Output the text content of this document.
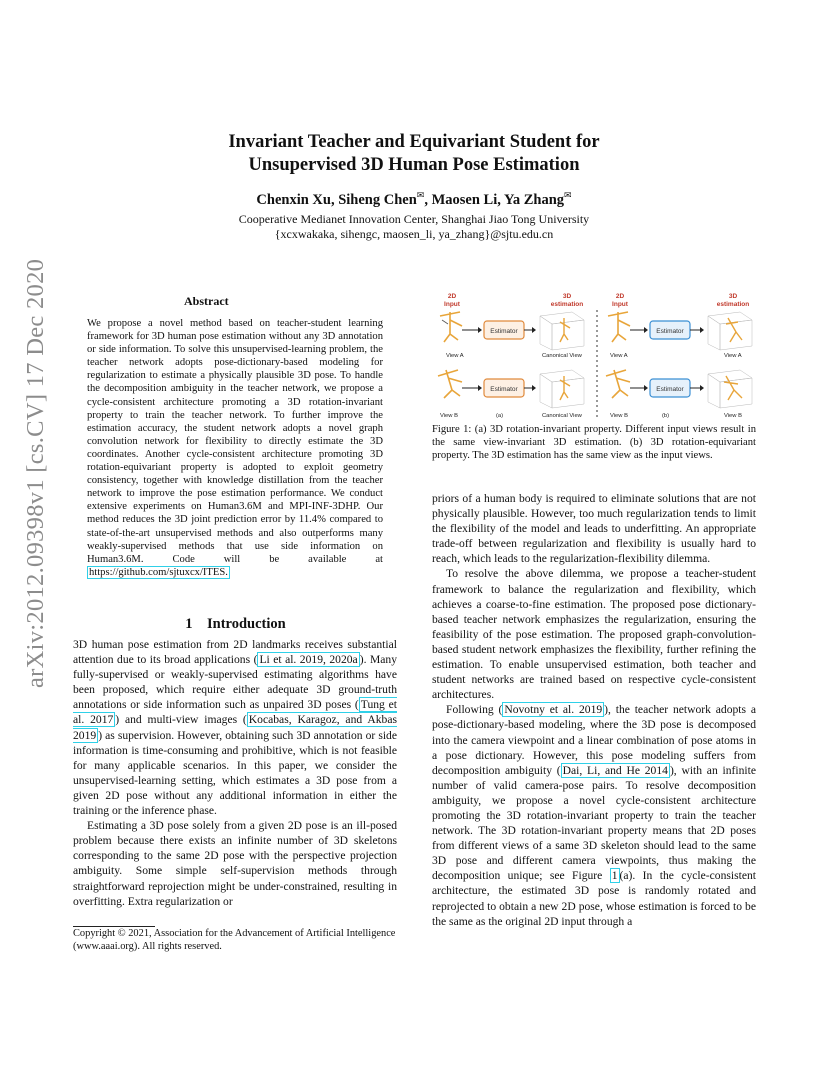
arXiv:2012.09398v1 [cs.CV] 17 Dec 2020
Invariant Teacher and Equivariant Student for
Unsupervised 3D Human Pose Estimation
Chenxin Xu, Siheng Chen✉, Maosen Li, Ya Zhang✉
Cooperative Medianet Innovation Center, Shanghai Jiao Tong University
{xcxwakaka, sihengc, maosen_li, ya_zhang}@sjtu.edu.cn
Abstract

We propose a novel method based on teacher-student learning framework for 3D human pose estimation without any 3D annotation or side information. To solve this unsupervised-learning problem, the teacher network adopts pose-dictionary-based modeling for regularization to estimate a physically plausible 3D pose. To handle the decomposition ambiguity in the teacher network, we propose a cycle-consistent architecture promoting a 3D rotation-invariant property to train the teacher network. To further improve the estimation accuracy, the student network adopts a novel graph convolution network for flexibility to directly estimate the 3D coordinates. Another cycle-consistent architecture promoting 3D rotation-equivariant property is adopted to exploit geometry consistency, together with knowledge distillation from the teacher network to improve the pose estimation performance. We conduct extensive experiments on Human3.6M and MPI-INF-3DHP. Our method reduces the 3D joint prediction error by 11.4% compared to state-of-the-art unsupervised methods and also outperforms many weakly-supervised methods that use side information on Human3.6M. Code will be available at https://github.com/sjtuxcx/ITES.

1    Introduction

3D human pose estimation from 2D landmarks receives substantial attention due to its broad applications ( Li et al. 2019, 2020a ). Many fully-supervised or weakly-supervised estimating algorithms have been proposed, which require either adequate 3D ground-truth annotations or side information such as unpaired 3D poses ( Tung et al. 2017 ) and multi-view images ( Kocabas, Karagoz, and Akbas 2019 ) as supervision. However, obtaining such 3D annotation or side information is time-consuming and prohibitive, which is not feasible for many applicable scenarios. In this paper, we consider the unsupervised-learning setting, which estimates a 3D pose from a given 2D pose without any additional information in either the training or the inference phase.

Estimating a 3D pose solely from a given 2D pose is an ill-posed problem because there exists an infinite number of 3D skeletons corresponding to the same 2D pose with the perspective projection ambiguity. Some simple self-supervision methods through straightforward reprojection might be under-constrained, resulting in overfitting. Extra regularization or

Copyright © 2021, Association for the Advancement of Artificial Intelligence (www.aaai.org). All rights reserved.
2D
Input
3D
estimation
2D
Input
3D
estimation
Estimator
View A	Canonical View
Estimator
View B	(a)	Canonical View
Estimator
View A	View A
Estimator
View B	(b)	View B
Figure 1: (a) 3D rotation-invariant property. Different input views result in the same view-invariant 3D estimation. (b) 3D rotation-equivariant property. The 3D estimation has the same view as the input views.

priors of a human body is required to eliminate solutions that are not physically plausible. However, too much regularization tends to limit the flexibility of the model and leads to underfitting. An appropriate trade-off between regularization and flexibility is usually hard to reach, which leads to the regularization-flexibility dilemma.

To resolve the above dilemma, we propose a teacher-student framework to balance the regularization and flexibility, which achieves a coarse-to-fine estimation. The proposed pose dictionary-based teacher network emphasizes the regularization, ensuring the feasibility of the pose estimation. The proposed graph-convolution-based student network emphasizes the flexibility, further refining the estimation. To enable unsupervised estimation, both teacher and student networks are trained based on respective cycle-consistent architectures.

Following ( Novotny et al. 2019 ), the teacher network adopts a pose-dictionary-based modeling, where the 3D pose is decomposed into the camera viewpoint and a linear combination of pose atoms in a pose dictionary. However, this pose modeling suffers from decomposition ambiguity ( Dai, Li, and He 2014 ), with an infinite number of valid camera-pose pairs. To resolve decomposition ambiguity, we propose a novel cycle-consistent architecture promoting the 3D rotation-invariant property to train the teacher network. The 3D rotation-invariant property means that 2D poses from different views of a same 3D skeleton should lead to the same 3D pose and different camera viewpoints, thus making the decomposition unique; see Figure 1 (a). In the cycle-consistent architecture, the estimated 3D pose is randomly rotated and reprojected to obtain a new 2D pose, whose estimation is forced to be the same as the original 2D input through a
